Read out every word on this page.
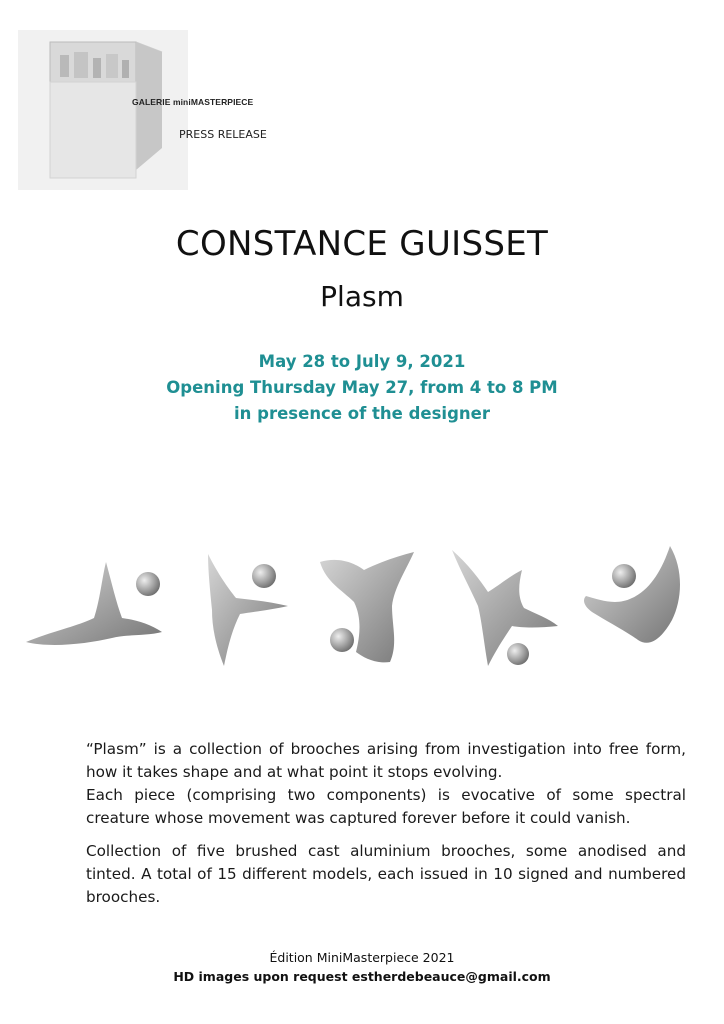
GALERIE miniMASTERPIECE
PRESS RELEASE
CONSTANCE GUISSET
Plasm
May 28 to July 9, 2021
Opening Thursday May 27, from 4 to 8 PM
in presence of the designer

“Plasm” is a collection of brooches arising from investigation into free form, how it takes shape and at what point it stops evolving.

Each piece (comprising two components) is evocative of some spectral creature whose movement was captured forever before it could vanish.

Collection of five brushed cast aluminium brooches, some anodised and tinted. A total of 15 different models, each issued in 10 signed and numbered brooches.

Édition MiniMasterpiece 2021
HD images upon request estherdebeauce@gmail.com
